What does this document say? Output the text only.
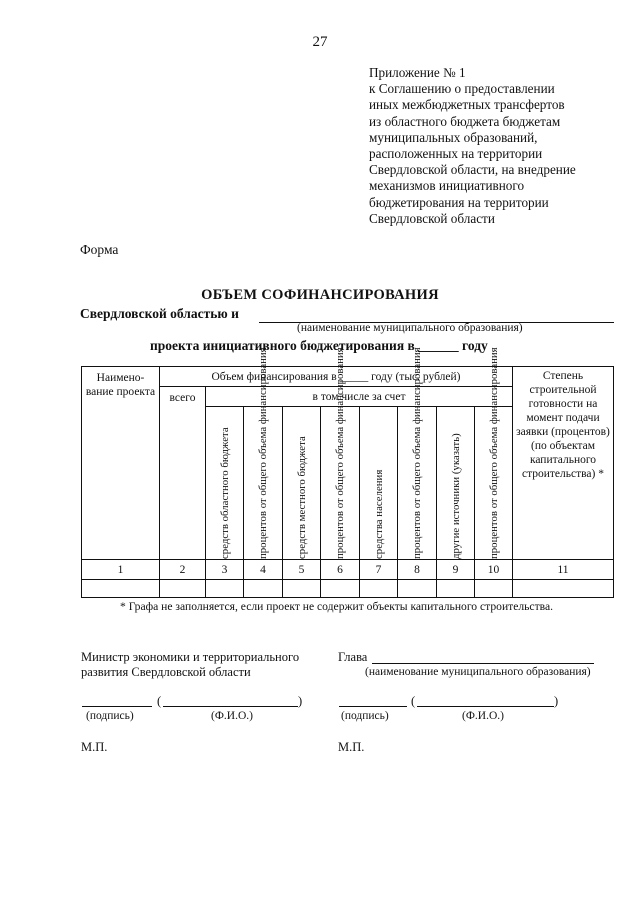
27
Приложение № 1
к Соглашению о предоставлении
иных межбюджетных трансфертов
из областного бюджета бюджетам
муниципальных образований,
расположенных на территории
Свердловской области, на внедрение
механизмов инициативного
бюджетирования на территории
Свердловской области
Форма
ОБЪЕМ СОФИНАНСИРОВАНИЯ
Свердловской областью и
(наименование муниципального образования)
проекта инициативного бюджетирования в ______ году
Наимено-вание проекта	Объем финансирования в _____ году (тыс. рублей)									Степень строительной готовности на момент подачи заявки (процентов) (по объектам капитального строительства) *
	всего	в том числе за счет								

		средств областного бюджета	процентов от общего объема финансирования	средств местного бюджета	процентов от общего объема финансирования	средства населения	процентов от общего объема финансирования	другие источники (указать)	процентов от общего объема финансирования	

1	2	3	4	5	6	7	8	9	10	11

* Графа не заполняется, если проект не содержит объекты капитального строительства.
Министр экономики и территориального
развития Свердловской области
Глава
(наименование муниципального образования)
(	)
(подпись)	(Ф.И.О.)
(	)
(подпись)	(Ф.И.О.)
М.П.	М.П.
